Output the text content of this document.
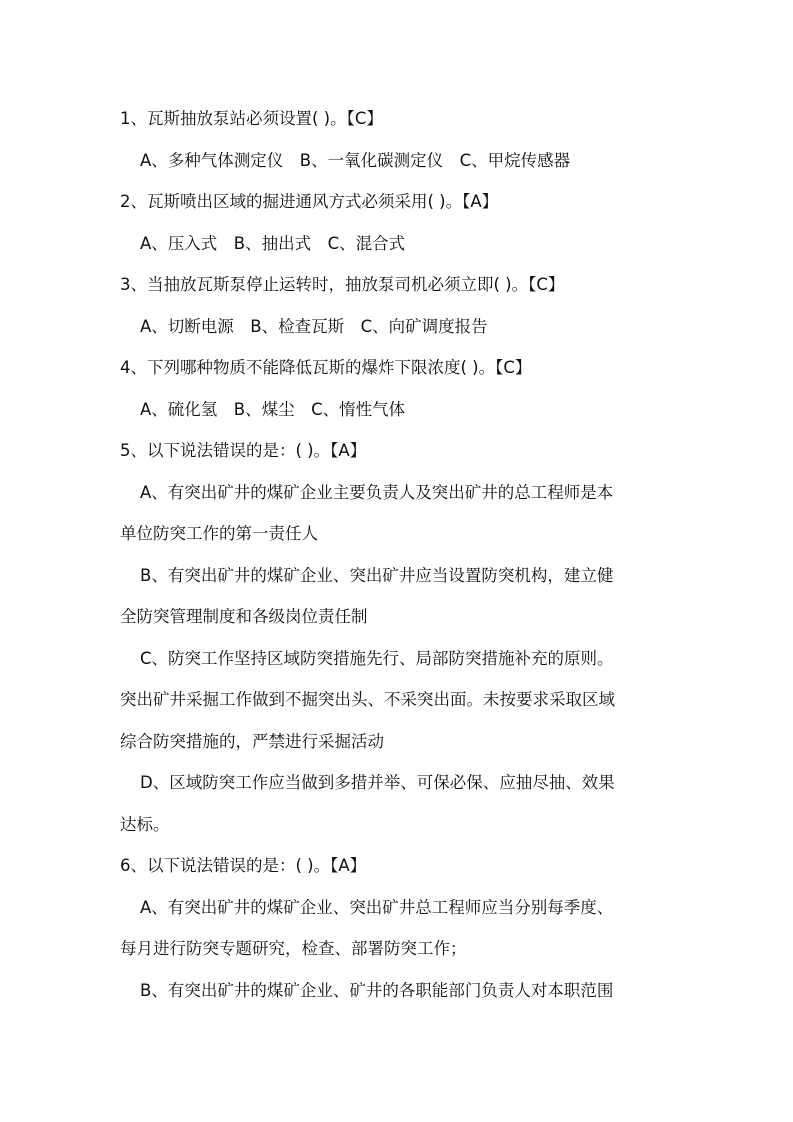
1、瓦斯抽放泵站必须设置( )。【C】
A、多种气体测定仪　B、一氧化碳测定仪　C、甲烷传感器
2、瓦斯喷出区域的掘进通风方式必须采用( )。【A】
A、压入式　B、抽出式　C、混合式
3、当抽放瓦斯泵停止运转时，抽放泵司机必须立即( )。【C】
A、切断电源　B、检查瓦斯　C、向矿调度报告
4、下列哪种物质不能降低瓦斯的爆炸下限浓度( )。【C】
A、硫化氢　B、煤尘　C、惰性气体
5、以下说法错误的是：( )。【A】
A、有突出矿井的煤矿企业主要负责人及突出矿井的总工程师是本
单位防突工作的第一责任人
B、有突出矿井的煤矿企业、突出矿井应当设置防突机构，建立健
全防突管理制度和各级岗位责任制
C、防突工作坚持区域防突措施先行、局部防突措施补充的原则。
突出矿井采掘工作做到不掘突出头、不采突出面。未按要求采取区域
综合防突措施的，严禁进行采掘活动
D、区域防突工作应当做到多措并举、可保必保、应抽尽抽、效果
达标。
6、以下说法错误的是：( )。【A】
A、有突出矿井的煤矿企业、突出矿井总工程师应当分别每季度、
每月进行防突专题研究，检查、部署防突工作；
B、有突出矿井的煤矿企业、矿井的各职能部门负责人对本职范围
